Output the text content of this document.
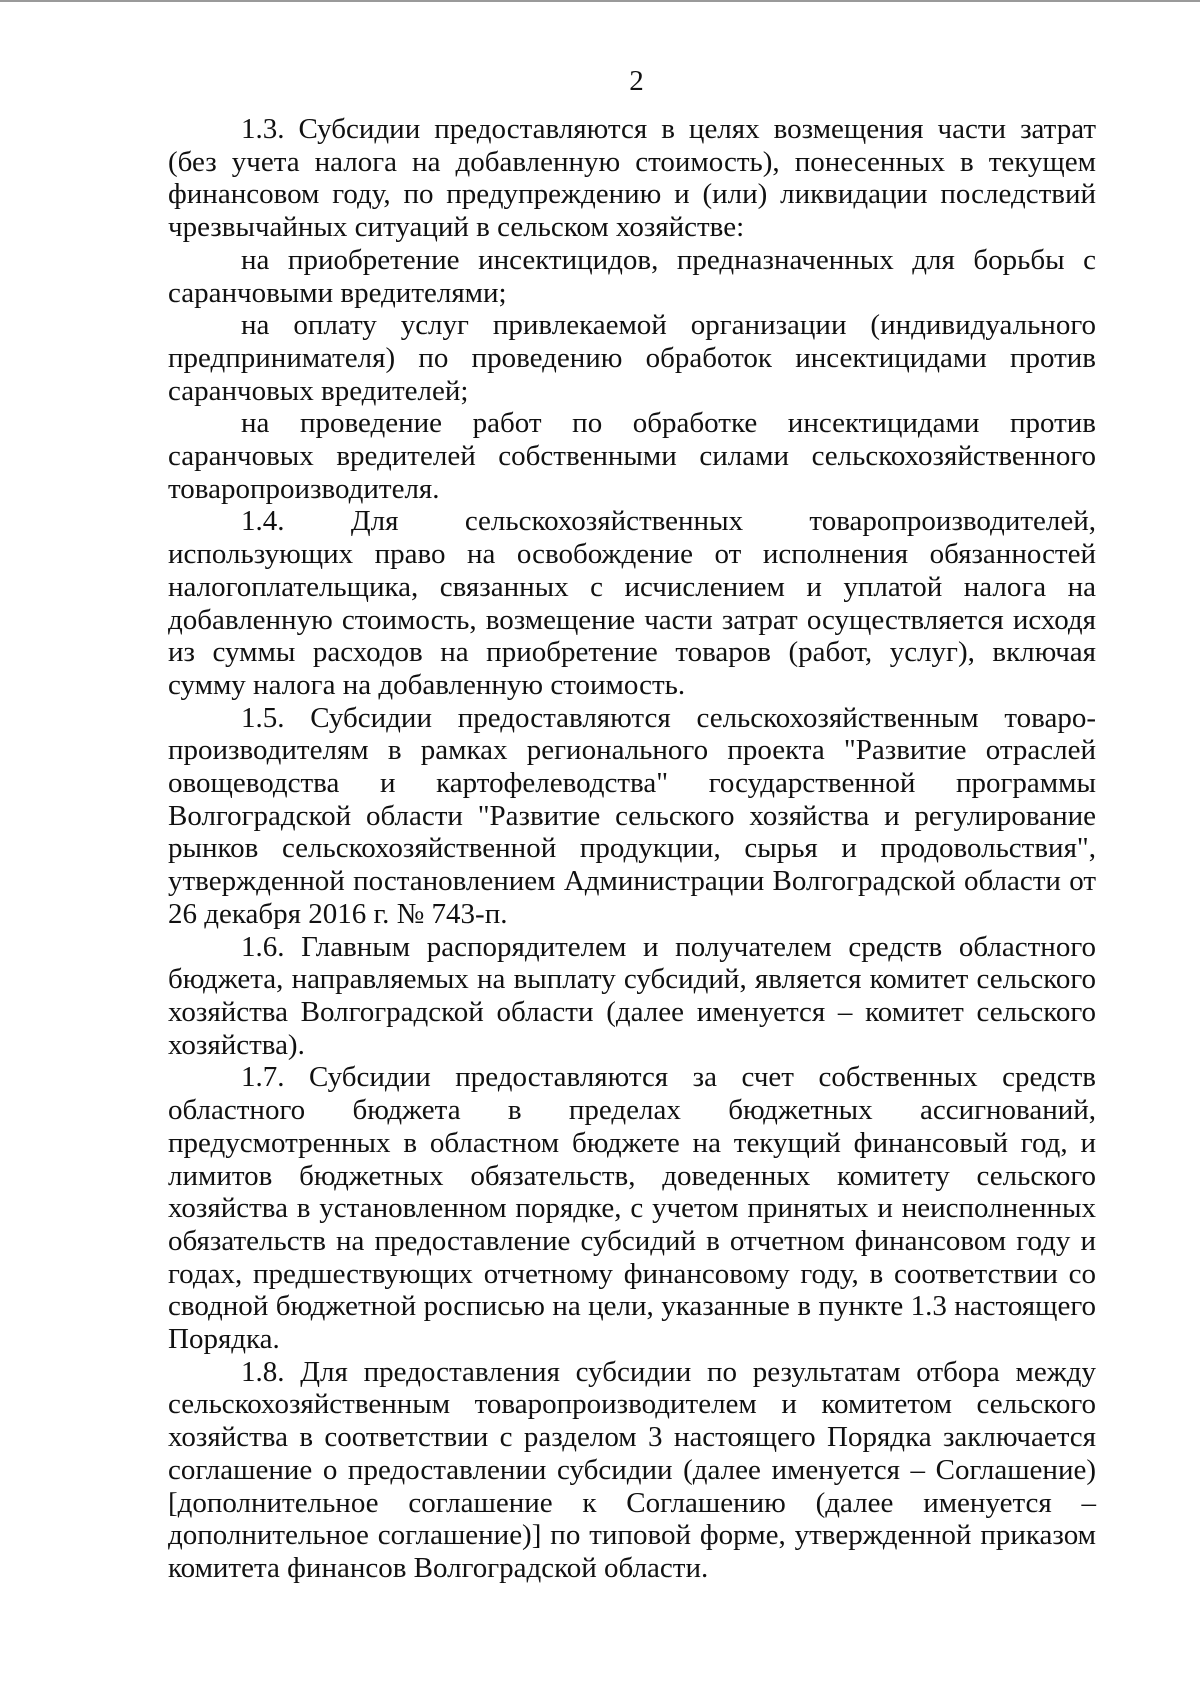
2

1.3. Субсидии предоставляются в целях возмещения части затрат (без учета налога на добавленную стоимость), понесенных в текущем финансовом году, по предупреждению и (или) ликвидации последствий чрезвычайных ситуаций в сельском хозяйстве:

на приобретение инсектицидов, предназначенных для борьбы с саранчовыми вредителями;

на оплату услуг привлекаемой организации (индивидуального предпринимателя) по проведению обработок инсектицидами против саранчовых вредителей;

на проведение работ по обработке инсектицидами против саранчовых вредителей собственными силами сельскохозяйственного товаропроизводителя.

1.4. Для сельскохозяйственных товаропроизводителей, использующих право на освобождение от исполнения обязанностей налогоплательщика, связанных с исчислением и уплатой налога на добавленную стоимость, возмещение части затрат осуществляется исходя из суммы расходов на приобретение товаров (работ, услуг), включая сумму налога на добавленную стоимость.

1.5. Субсидии предоставляются сельскохозяйственным товаропроизводителям в рамках регионального проекта "Развитие отраслей овощеводства и картофелеводства" государственной программы Волгоградской области "Развитие сельского хозяйства и регулирование рынков сельскохозяйственной продукции, сырья и продовольствия", утвержденной постановлением Администрации Волгоградской области от 26 декабря 2016 г. № 743-п.

1.6. Главным распорядителем и получателем средств областного бюджета, направляемых на выплату субсидий, является комитет сельского хозяйства Волгоградской области (далее именуется – комитет сельского хозяйства).

1.7. Субсидии предоставляются за счет собственных средств областного бюджета в пределах бюджетных ассигнований, предусмотренных в областном бюджете на текущий финансовый год, и лимитов бюджетных обязательств, доведенных комитету сельского хозяйства в установленном порядке, с учетом принятых и неисполненных обязательств на предоставление субсидий в отчетном финансовом году и годах, предшествующих отчетному финансовому году, в соответствии со сводной бюджетной росписью на цели, указанные в пункте 1.3 настоящего Порядка.

1.8. Для предоставления субсидии по результатам отбора между сельскохозяйственным товаропроизводителем и комитетом сельского хозяйства в соответствии с разделом 3 настоящего Порядка заключается соглашение о предоставлении субсидии (далее именуется – Соглашение) [дополнительное соглашение к Соглашению (далее именуется – дополнительное соглашение)] по типовой форме, утвержденной приказом комитета финансов Волгоградской области.
